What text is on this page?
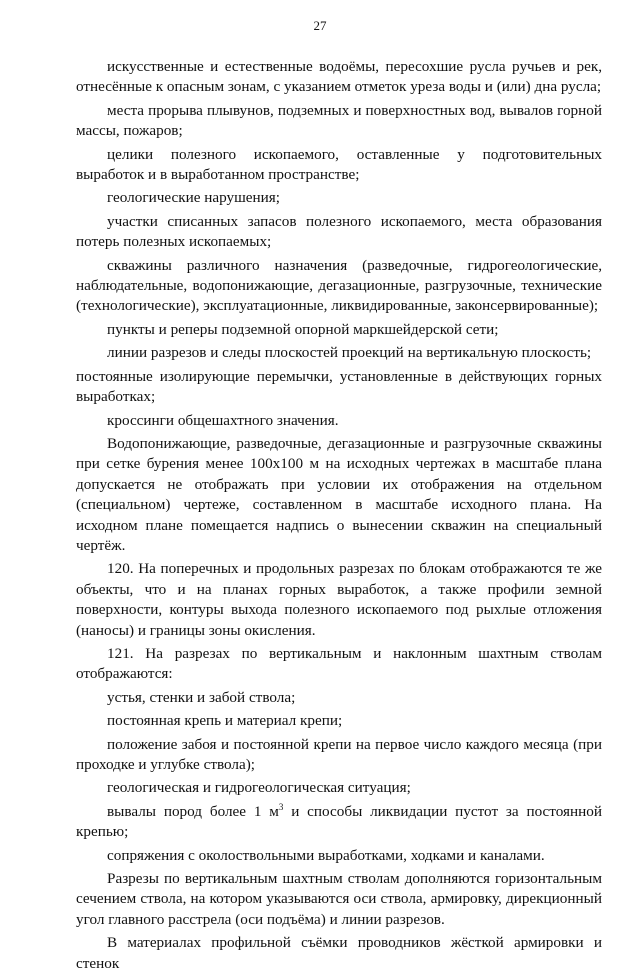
27

искусственные и естественные водоёмы, пересохшие русла ручьев и рек, отнесённые к опасным зонам, с указанием отметок уреза воды и (или) дна русла;

места прорыва плывунов, подземных и поверхностных вод, вывалов горной массы, пожаров;

целики полезного ископаемого, оставленные у подготовительных выработок и в выработанном пространстве;

геологические нарушения;

участки списанных запасов полезного ископаемого, места образования потерь полезных ископаемых;

скважины различного назначения (разведочные, гидрогеологические, наблюдательные, водопонижающие, дегазационные, разгрузочные, технические (технологические), эксплуатационные, ликвидированные, законсервированные);

пункты и реперы подземной опорной маркшейдерской сети;

линии разрезов и следы плоскостей проекций на вертикальную плоскость;

постоянные изолирующие перемычки, установленные в действующих горных выработках;

кроссинги общешахтного значения.

Водопонижающие, разведочные, дегазационные и разгрузочные скважины при сетке бурения менее 100х100 м на исходных чертежах в масштабе плана допускается не отображать при условии их отображения на отдельном (специальном) чертеже, составленном в масштабе исходного плана. На исходном плане помещается надпись о вынесении скважин на специальный чертёж.

120. На поперечных и продольных разрезах по блокам отображаются те же объекты, что и на планах горных выработок, а также профили земной поверхности, контуры выхода полезного ископаемого под рыхлые отложения (наносы) и границы зоны окисления.

121. На разрезах по вертикальным и наклонным шахтным стволам отображаются:

устья, стенки и забой ствола;

постоянная крепь и материал крепи;

положение забоя и постоянной крепи на первое число каждого месяца (при проходке и углубке ствола);

геологическая и гидрогеологическая ситуация;

вывалы пород более 1 $м^3$ и способы ликвидации пустот за постоянной крепью;

сопряжения с околоствольными выработками, ходками и каналами.

Разрезы по вертикальным шахтным стволам дополняются горизонтальным сечением ствола, на котором указываются оси ствола, армировку, дирекционный угол главного расстрела (оси подъёма) и линии разрезов.

В материалах профильной съёмки проводников жёсткой армировки и стенок
